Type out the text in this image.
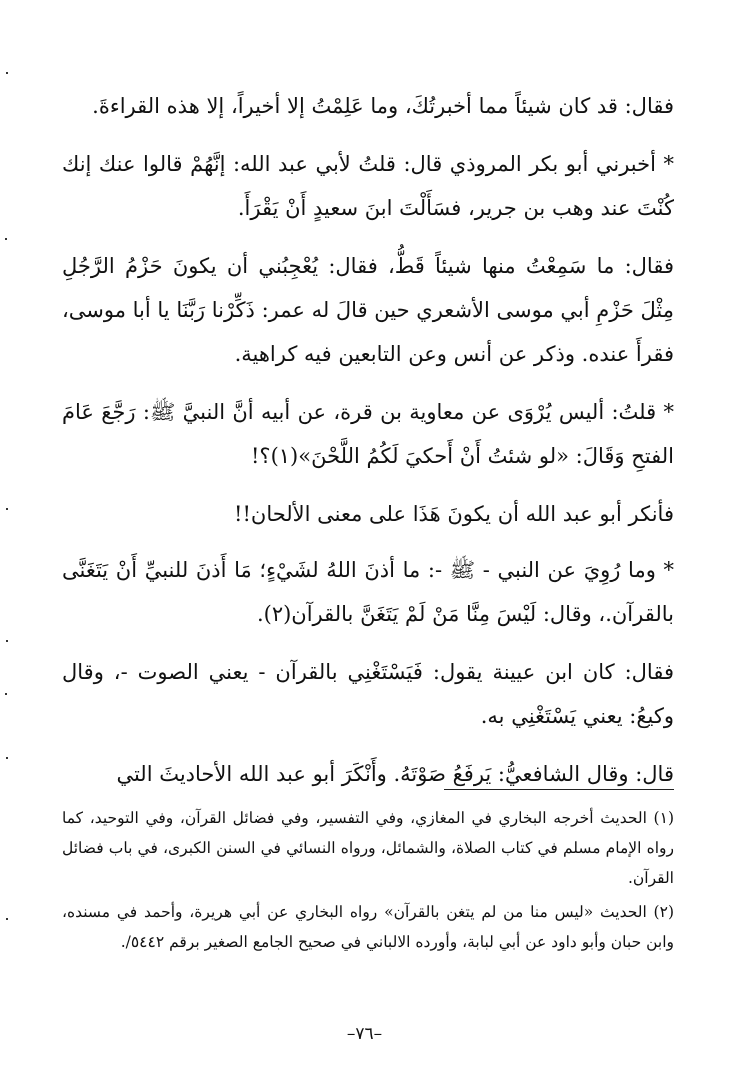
فقال: قد كان شيئاً مما أخبرتُكَ، وما عَلِمْتُ إلا أخيراً، إلا هذه القراءةَ.

* أخبرني أبو بكر المروذي قال: قلتُ لأبي عبد الله: إنَّهُمْ قالوا عنك إنك كُنْتَ عند وهب بن جرير، فسَأَلْتَ ابنَ سعيدٍ أَنْ يَقْرَأَ.

فقال: ما سَمِعْتُ منها شيئاً قَطُّ، فقال: يُعْجِبُني أن يكونَ حَزْمُ الرَّجُلِ مِثْلَ حَزْمِ أبي موسى الأشعري حين قالَ له عمر: ذَكِّرْنا رَبَّنَا يا أبا موسى، فقرأَ عنده. وذكر عن أنس وعن التابعين فيه كراهية.

* قلتُ: أليس يُرْوَى عن معاوية بن قرة، عن أبيه أنَّ النبيَّ ﷺ: رَجَّعَ عَامَ الفتحِ وَقَالَ: «لو شئتُ أَنْ أَحكيَ لَكُمُ اللَّحْنَ»(١)؟!

فأنكر أبو عبد الله أن يكونَ هَذَا على معنى الألحان!!

* وما رُوِيَ عن النبي - ﷺ -: ما أذنَ اللهُ لشَيْءٍ؛ مَا أَذنَ للنبيِّ أَنْ يَتَغَنَّى بالقرآن.، وقال: لَيْسَ مِنَّا مَنْ لَمْ يَتَغَنَّ بالقرآن(٢).

فقال: كان ابن عيينة يقول: فَيَسْتَغْنِي بالقرآن - يعني الصوت -، وقال وكيعُ: يعني يَسْتَغْنِي به.

قال: وقال الشافعيُّ: يَرفَعُ صَوْتَهُ. وأَنْكَرَ أبو عبد الله الأحاديثَ التي

(١) الحديث أخرجه البخاري في المغازي، وفي التفسير، وفي فضائل القرآن، وفي التوحيد، كما رواه الإمام مسلم في كتاب الصلاة، والشمائل، ورواه النسائي في السنن الكبرى، في باب فضائل القرآن.

(٢) الحديث «ليس منا من لم يتغن بالقرآن» رواه البخاري عن أبي هريرة، وأحمد في مسنده، وابن حبان وأبو داود عن أبي لبابة، وأورده الالباني في صحيح الجامع الصغير برقم ٥٤٤٢/.

–٧٦–
